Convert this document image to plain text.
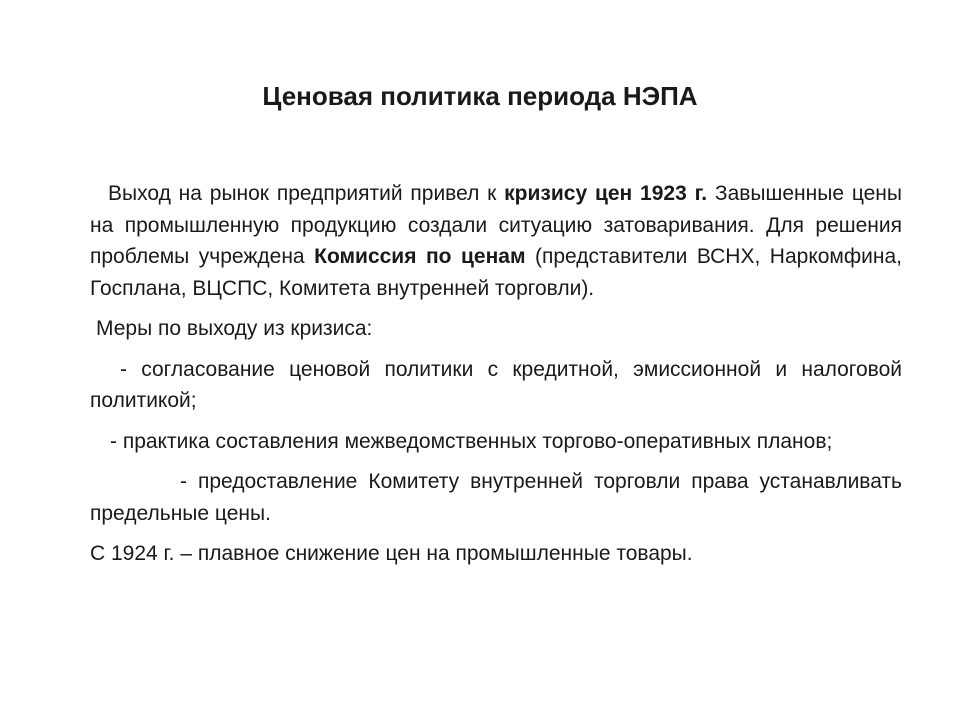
Ценовая политика периода НЭПА

Выход на рынок предприятий привел к кризису цен 1923 г. Завышенные цены на промышленную продукцию создали ситуацию затоваривания. Для решения проблемы учреждена Комиссия по ценам (представители ВСНХ, Наркомфина, Госплана, ВЦСПС, Комитета внутренней торговли).

Меры по выходу из кризиса:

- согласование ценовой политики с кредитной, эмиссионной и налоговой политикой;

- практика составления межведомственных торгово-оперативных планов;

- предоставление Комитету внутренней торговли права устанавливать предельные цены.

С 1924 г. – плавное снижение цен на промышленные товары.
